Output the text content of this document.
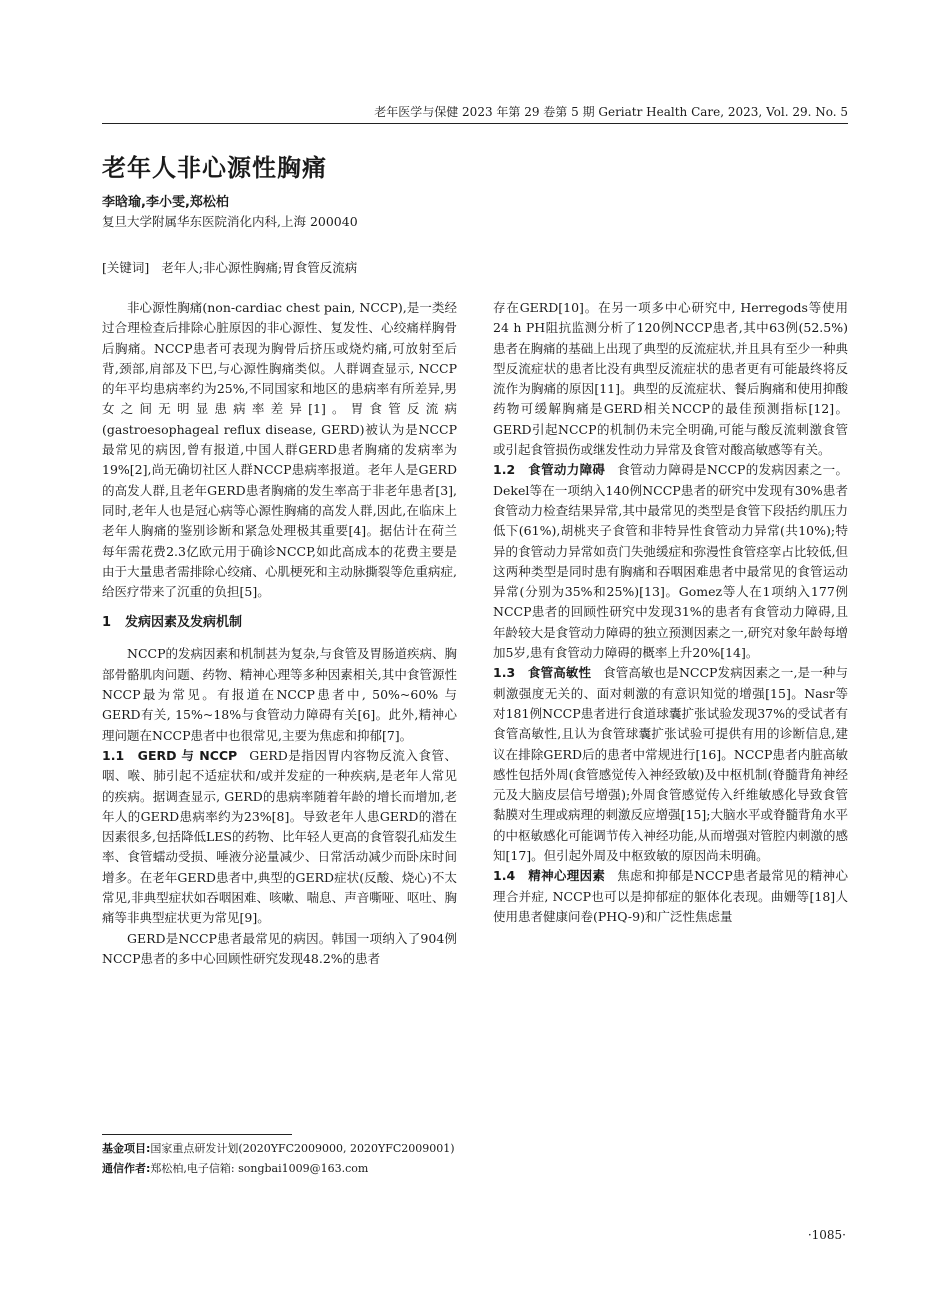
老年医学与保健 2023 年第 29 卷第 5 期 Geriatr Health Care, 2023, Vol. 29. No. 5
老年人非心源性胸痛
李晗瑜,李小雯,郑松柏
复旦大学附属华东医院消化内科,上海 200040
[关键词] 老年人;非心源性胸痛;胃食管反流病

非心源性胸痛(non-cardiac chest pain, NCCP),是一类经过合理检查后排除心脏原因的非心源性、复发性、心绞痛样胸骨后胸痛。NCCP患者可表现为胸骨后挤压或烧灼痛,可放射至后背,颈部,肩部及下巴,与心源性胸痛类似。人群调查显示, NCCP的年平均患病率约为25%,不同国家和地区的患病率有所差异,男女之间无明显患病率差异[1]。胃食管反流病(gastroesophageal reflux disease, GERD)被认为是NCCP最常见的病因,曾有报道,中国人群GERD患者胸痛的发病率为19%[2],尚无确切社区人群NCCP患病率报道。老年人是GERD的高发人群,且老年GERD患者胸痛的发生率高于非老年患者[3],同时,老年人也是冠心病等心源性胸痛的高发人群,因此,在临床上老年人胸痛的鉴别诊断和紧急处理极其重要[4]。据估计在荷兰每年需花费2.3亿欧元用于确诊NCCP,如此高成本的花费主要是由于大量患者需排除心绞痛、心肌梗死和主动脉撕裂等危重病症,给医疗带来了沉重的负担[5]。

1 发病因素及发病机制

NCCP的发病因素和机制甚为复杂,与食管及胃肠道疾病、胸部骨骼肌肉问题、药物、精神心理等多种因素相关,其中食管源性NCCP最为常见。有报道在NCCP患者中, 50%~60% 与GERD有关, 15%~18%与食管动力障碍有关[6]。此外,精神心理问题在NCCP患者中也很常见,主要为焦虑和抑郁[7]。

1.1　GERD 与 NCCP GERD是指因胃内容物反流入食管、咽、喉、肺引起不适症状和/或并发症的一种疾病,是老年人常见的疾病。据调查显示, GERD的患病率随着年龄的增长而增加,老年人的GERD患病率约为23%[8]。导致老年人患GERD的潜在因素很多,包括降低LES的药物、比年轻人更高的食管裂孔疝发生率、食管蠕动受损、唾液分泌量减少、日常活动减少而卧床时间增多。在老年GERD患者中,典型的GERD症状(反酸、烧心)不太常见,非典型症状如吞咽困难、咳嗽、喘息、声音嘶哑、呕吐、胸痛等非典型症状更为常见[9]。

GERD是NCCP患者最常见的病因。韩国一项纳入了904例NCCP患者的多中心回顾性研究发现48.2%的患者

存在GERD[10]。在另一项多中心研究中, Herregods等使用24 h PH阻抗监测分析了120例NCCP患者,其中63例(52.5%)患者在胸痛的基础上出现了典型的反流症状,并且具有至少一种典型反流症状的患者比没有典型反流症状的患者更有可能最终将反流作为胸痛的原因[11]。典型的反流症状、餐后胸痛和使用抑酸药物可缓解胸痛是GERD相关NCCP的最佳预测指标[12]。GERD引起NCCP的机制仍未完全明确,可能与酸反流刺激食管或引起食管损伤或继发性动力异常及食管对酸高敏感等有关。

1.2　食管动力障碍 食管动力障碍是NCCP的发病因素之一。Dekel等在一项纳入140例NCCP患者的研究中发现有30%患者食管动力检查结果异常,其中最常见的类型是食管下段括约肌压力低下(61%),胡桃夹子食管和非特异性食管动力异常(共10%);特异的食管动力异常如贲门失弛缓症和弥漫性食管痉挛占比较低,但这两种类型是同时患有胸痛和吞咽困难患者中最常见的食管运动异常(分别为35%和25%)[13]。Gomez等人在1项纳入177例NCCP患者的回顾性研究中发现31%的患者有食管动力障碍,且年龄较大是食管动力障碍的独立预测因素之一,研究对象年龄每增加5岁,患有食管动力障碍的概率上升20%[14]。

1.3　食管高敏性 食管高敏也是NCCP发病因素之一,是一种与刺激强度无关的、面对刺激的有意识知觉的增强[15]。Nasr等对181例NCCP患者进行食道球囊扩张试验发现37%的受试者有食管高敏性,且认为食管球囊扩张试验可提供有用的诊断信息,建议在排除GERD后的患者中常规进行[16]。NCCP患者内脏高敏感性包括外周(食管感觉传入神经致敏)及中枢机制(脊髓背角神经元及大脑皮层信号增强);外周食管感觉传入纤维敏感化导致食管黏膜对生理或病理的刺激反应增强[15];大脑水平或脊髓背角水平的中枢敏感化可能调节传入神经功能,从而增强对管腔内刺激的感知[17]。但引起外周及中枢致敏的原因尚未明确。

1.4　精神心理因素 焦虑和抑郁是NCCP患者最常见的精神心理合并症, NCCP也可以是抑郁症的躯体化表现。曲姗等[18]人使用患者健康问卷(PHQ-9)和广泛性焦虑量

基金项目:国家重点研发计划(2020YFC2009000, 2020YFC2009001)
通信作者:郑松柏,电子信箱: songbai1009@163.com
·1085·
